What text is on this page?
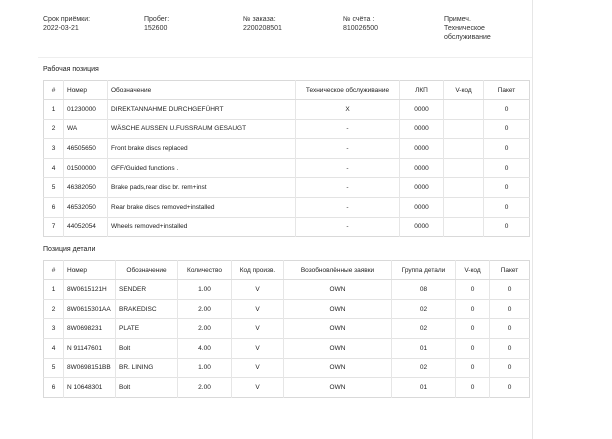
Срок приёмки:
2022-03-21
Пробег:
152600
№ заказа:
2200208501
№ счёта :
810026500
Примеч.
Техническое обслуживание
Рабочая позиция
#	Номер	Обозначение	Техническое обслуживание	ЛКП	V-код	Пакет
1	01230000	DIREKTANNAHME DURCHGEFÜHRT	X	0000		0
2	WA	WÄSCHE AUSSEN U.FUSSRAUM GESAUGT	-	0000		0
3	46505650	Front brake discs replaced	-	0000		0
4	01500000	GFF/Guided functions .	-	0000		0
5	46382050	Brake pads,rear disc br. rem+inst	-	0000		0
6	46532050	Rear brake discs removed+installed	-	0000		0
7	44052054	Wheels removed+installed	-	0000		0
Позиция детали
#	Номер	Обозначение	Количество	Код произв.	Возобновлённые заявки	Группа детали	V-код	Пакет
1	8W0615121H	SENDER	1.00	V	OWN	08	0	0
2	8W0615301AA	BRAKEDISC	2.00	V	OWN	02	0	0
3	8W0698231	PLATE	2.00	V	OWN	02	0	0
4	N 91147601	Bolt	4.00	V	OWN	01	0	0
5	8W0698151BB	BR. LINING	1.00	V	OWN	02	0	0
6	N 10648301	Bolt	2.00	V	OWN	01	0	0
